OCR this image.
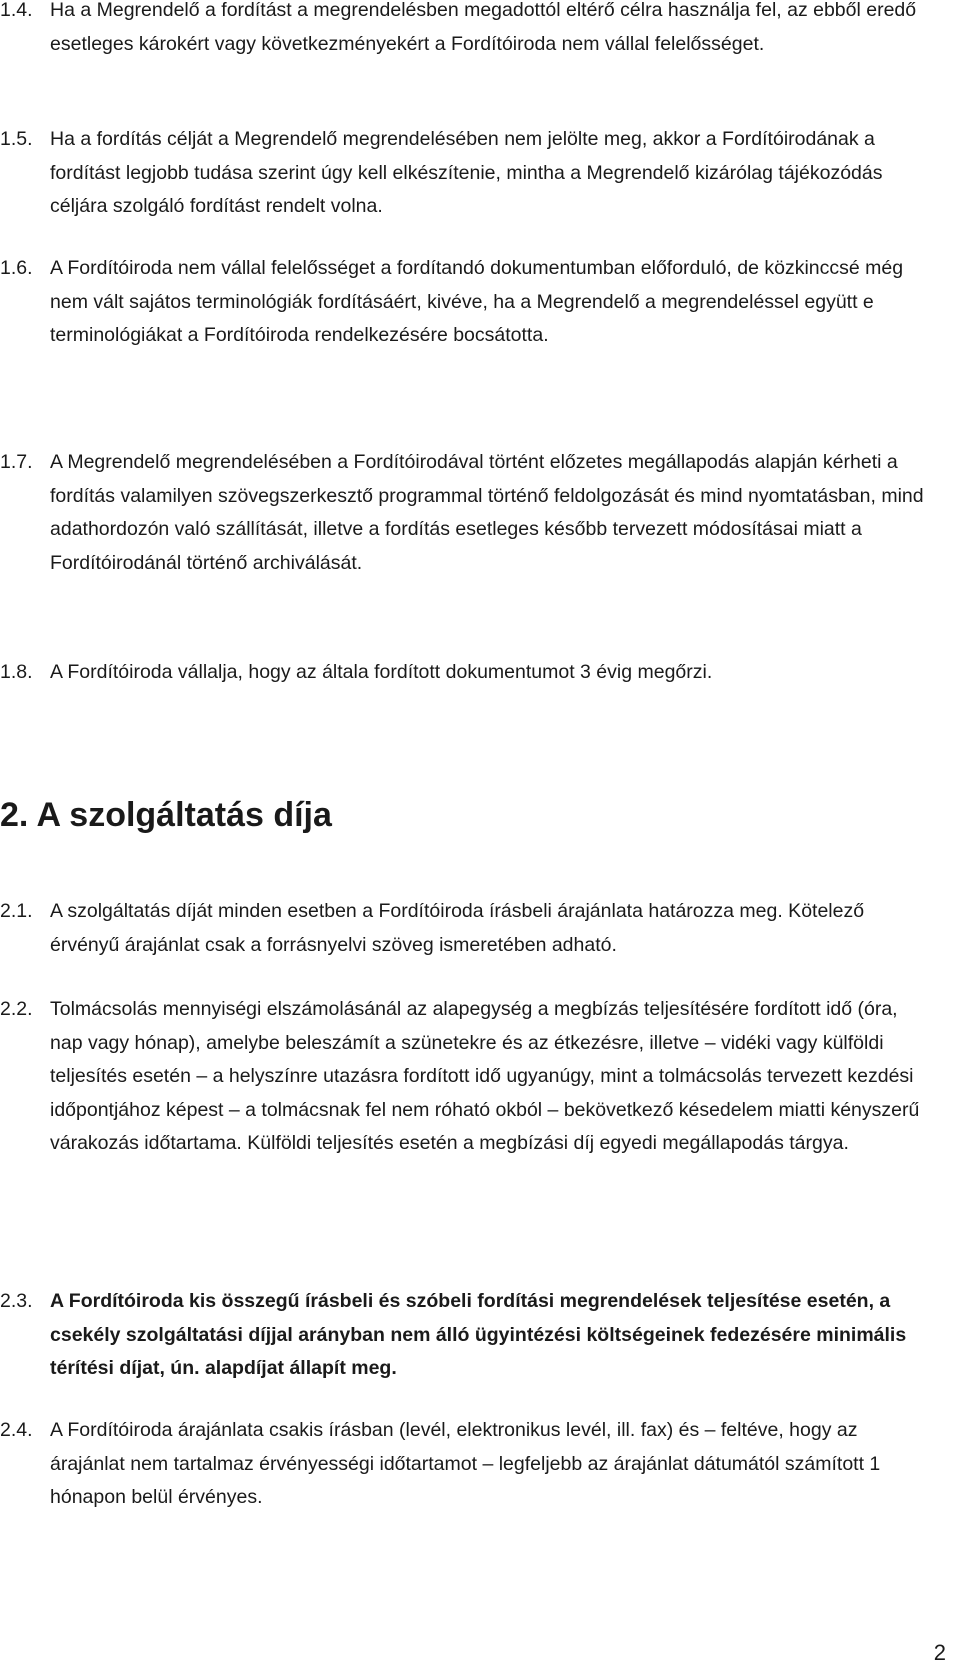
1.4. Ha a Megrendelő a fordítást a megrendelésben megadottól eltérő célra használja fel, az ebből eredő esetleges károkért vagy következményekért a Fordítóiroda nem vállal felelősséget.
1.5. Ha a fordítás célját a Megrendelő megrendelésében nem jelölte meg, akkor a Fordítóirodának a fordítást legjobb tudása szerint úgy kell elkészítenie, mintha a Megrendelő kizárólag tájékozódás céljára szolgáló fordítást rendelt volna.
1.6. A Fordítóiroda nem vállal felelősséget a fordítandó dokumentumban előforduló, de közkinccsé még nem vált sajátos terminológiák fordításáért, kivéve, ha a Megrendelő a megrendeléssel együtt e terminológiákat a Fordítóiroda rendelkezésére bocsátotta.
1.7. A Megrendelő megrendelésében a Fordítóirodával történt előzetes megállapodás alapján kérheti a fordítás valamilyen szövegszerkesztő programmal történő feldolgozását és mind nyomtatásban, mind adathordozón való szállítását, illetve a fordítás esetleges később tervezett módosításai miatt a Fordítóirodánál történő archiválását.
1.8. A Fordítóiroda vállalja, hogy az általa fordított dokumentumot 3 évig megőrzi.
2. A szolgáltatás díja
2.1. A szolgáltatás díját minden esetben a Fordítóiroda írásbeli árajánlata határozza meg. Kötelező érvényű árajánlat csak a forrásnyelvi szöveg ismeretében adható.
2.2. Tolmácsolás mennyiségi elszámolásánál az alapegység a megbízás teljesítésére fordított idő (óra, nap vagy hónap), amelybe beleszámít a szünetekre és az étkezésre, illetve – vidéki vagy külföldi teljesítés esetén – a helyszínre utazásra fordított idő ugyanúgy, mint a tolmácsolás tervezett kezdési időpontjához képest – a tolmácsnak fel nem róható okból – bekövetkező késedelem miatti kényszerű várakozás időtartama. Külföldi teljesítés esetén a megbízási díj egyedi megállapodás tárgya.
2.3. A Fordítóiroda kis összegű írásbeli és szóbeli fordítási megrendelések teljesítése esetén, a csekély szolgáltatási díjjal arányban nem álló ügyintézési költségeinek fedezésére minimális térítési díjat, ún. alapdíjat állapít meg.
2.4. A Fordítóiroda árajánlata csakis írásban (levél, elektronikus levél, ill. fax) és – feltéve, hogy az árajánlat nem tartalmaz érvényességi időtartamot – legfeljebb az árajánlat dátumától számított 1 hónapon belül érvényes.
2
